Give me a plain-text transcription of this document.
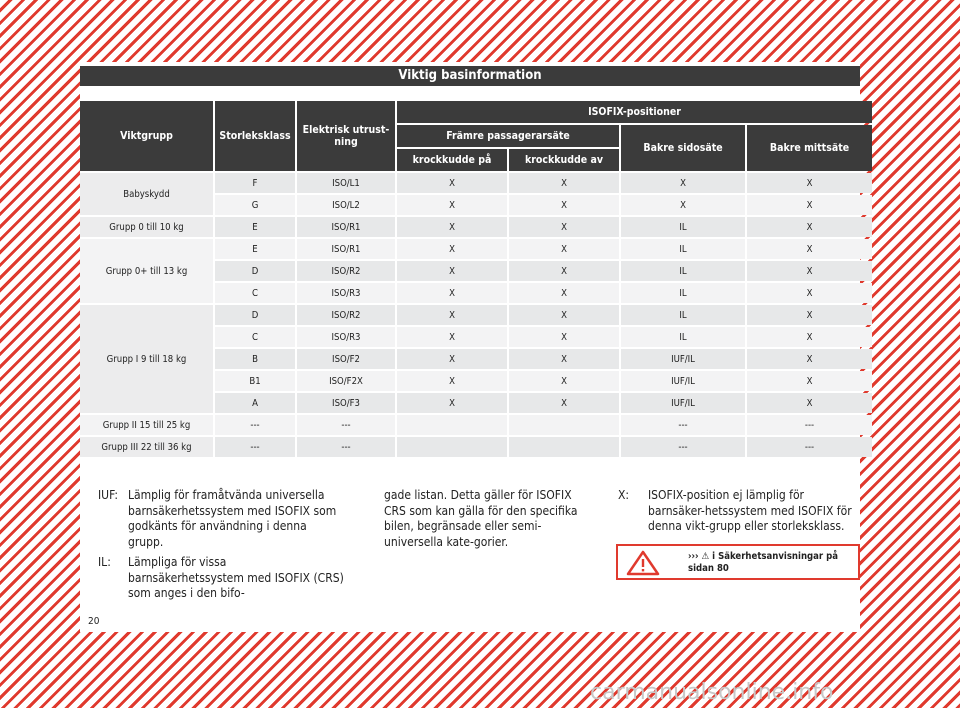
Viktig basinformation
Viktgrupp	Storleksklass	Elektrisk utrust-
ning	ISOFIX-positioner			
			Främre passagerarsäte		Bakre sidosäte	Bakre mittsäte
			krockkudde på	krockkudde av		
Babyskydd	F	ISO/L1	X	X	X	X
	G	ISO/L2	X	X	X	X
Grupp 0 till 10 kg	E	ISO/R1	X	X	IL	X
Grupp 0+ till 13 kg	E	ISO/R1	X	X	IL	X
	D	ISO/R2	X	X	IL	X
	C	ISO/R3	X	X	IL	X
Grupp I 9 till 18 kg	D	ISO/R2	X	X	IL	X
	C	ISO/R3	X	X	IL	X
	B	ISO/F2	X	X	IUF/IL	X
	B1	ISO/F2X	X	X	IUF/IL	X
	A	ISO/F3	X	X	IUF/IL	X
Grupp II 15 till 25 kg	---	---			---	---
Grupp III 22 till 36 kg	---	---			---	---
IUF: Lämplig för framåtvända universella barnsäkerhetssystem med ISOFIX som godkänts för användning i denna grupp.
IL:	Lämpliga för vissa barnsäkerhetssystem med ISOFIX (CRS) som anges i den bifo-
gade listan. Detta gäller för ISOFIX CRS som kan gälla för den specifika bilen, begränsade eller semi-universella kate-gorier.
X:	ISOFIX-position ej lämplig för barnsäker-hetssystem med ISOFIX för denna vikt-grupp eller storleksklass.
››› ⚠ i Säkerhetsanvisningar på
sidan 80
20
carmanualsonline.info
